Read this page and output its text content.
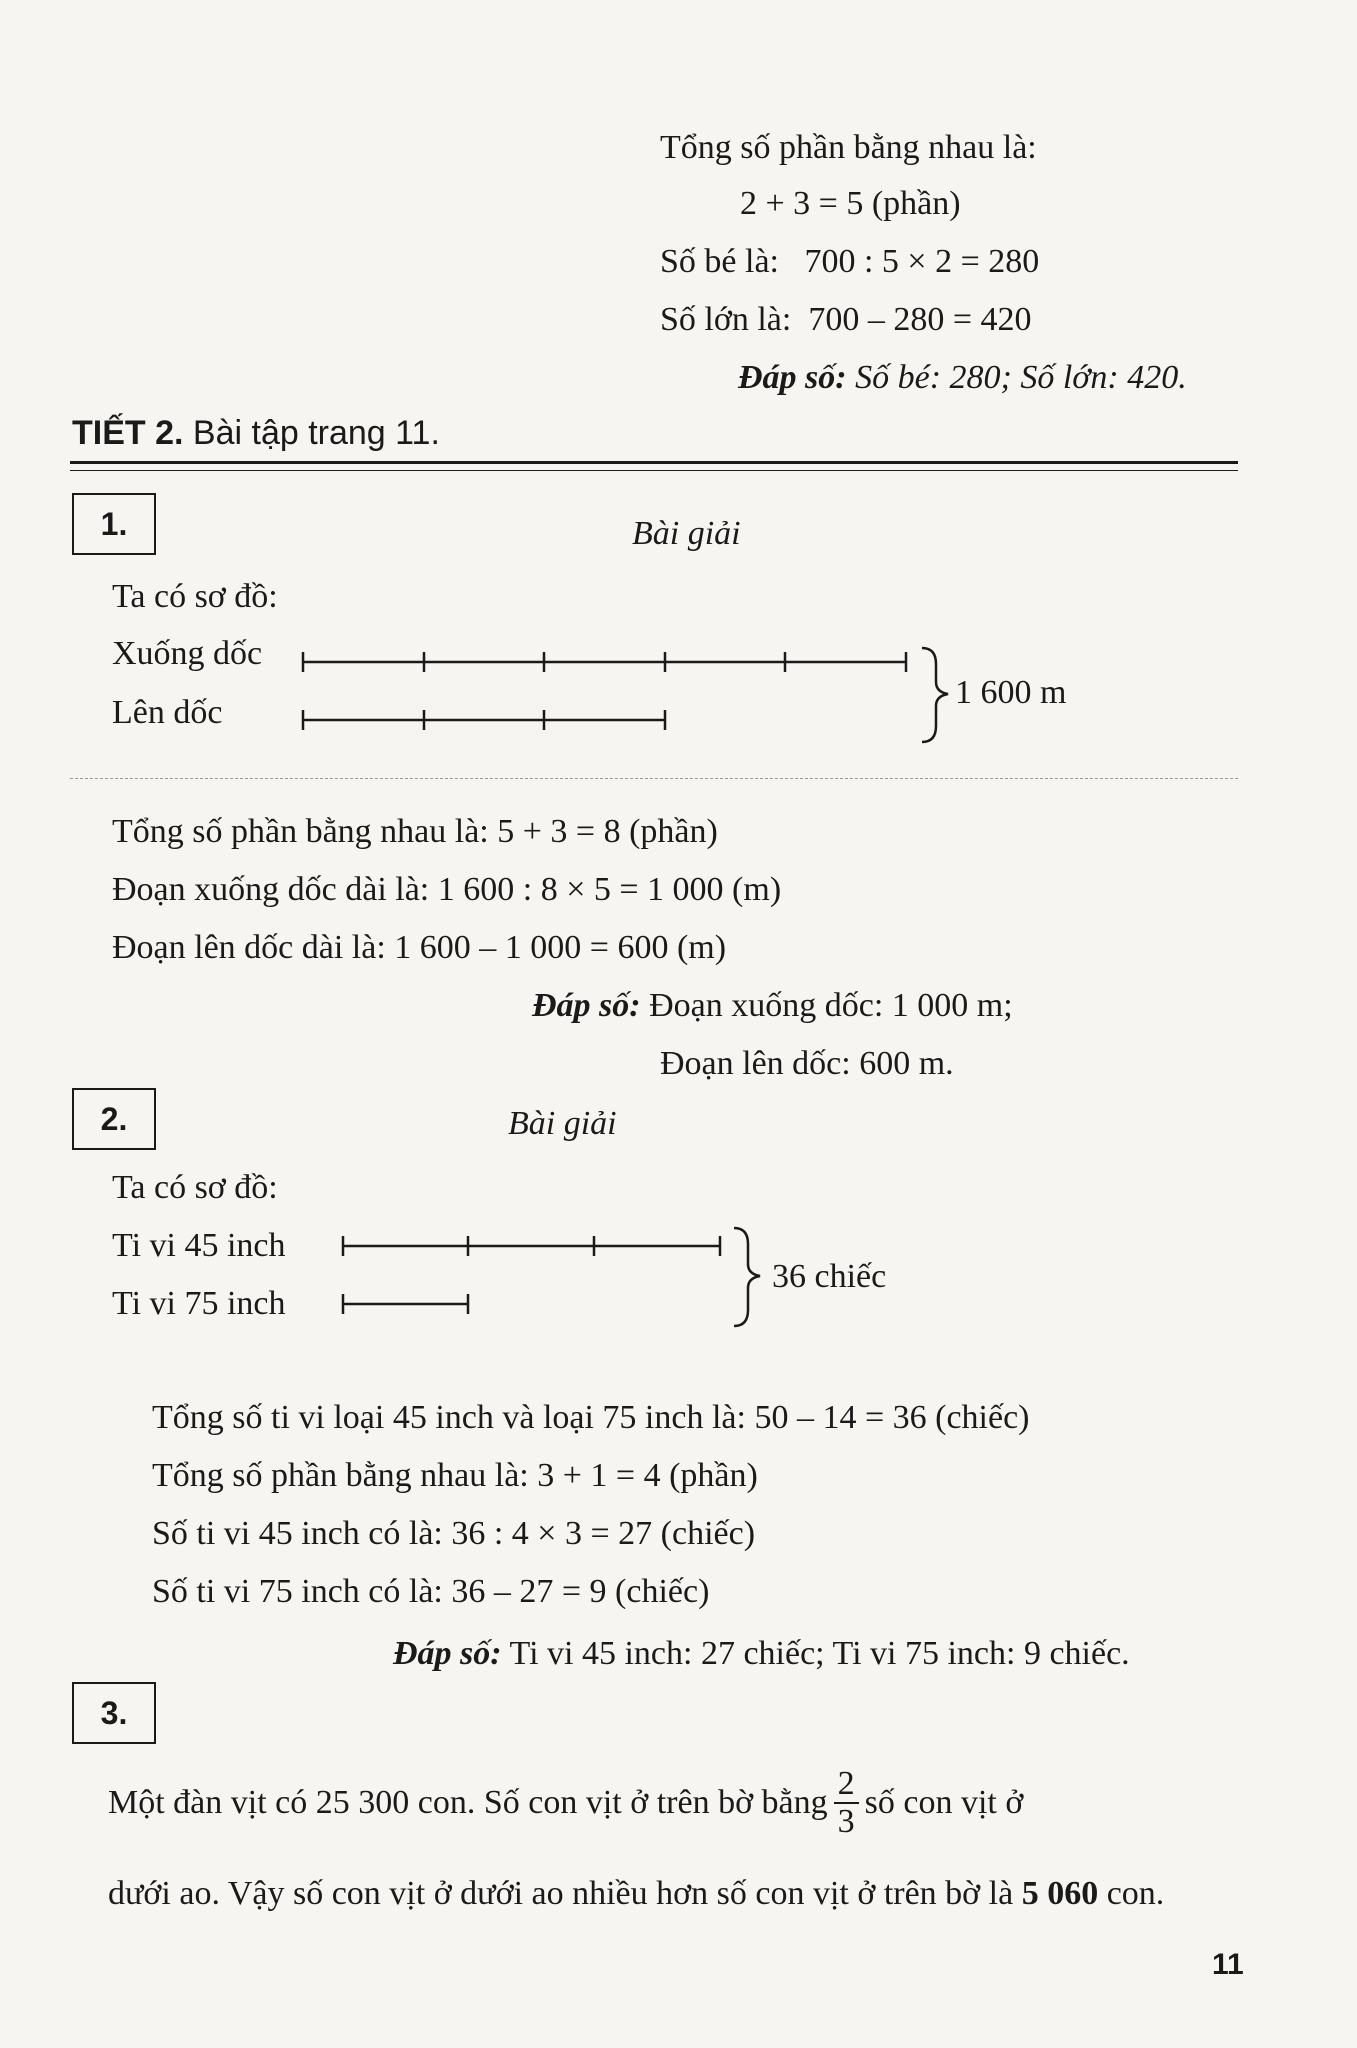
Tổng số phần bằng nhau là:
2 + 3 = 5 (phần)
Số bé là:   700 : 5 × 2 = 280
Số lớn là:  700 – 280 = 420
Đáp số: Số bé: 280; Số lớn: 420.
TIẾT 2. Bài tập trang 11.
1.	Bài giải
Ta có sơ đồ:
Xuống dốc
Lên dốc
1 600 m
Tổng số phần bằng nhau là: 5 + 3 = 8 (phần)
Đoạn xuống dốc dài là: 1 600 : 8 × 5 = 1 000 (m)
Đoạn lên dốc dài là: 1 600 – 1 000 = 600 (m)
Đáp số: Đoạn xuống dốc: 1 000 m;
Đoạn lên dốc: 600 m.
2.	Bài giải
Ta có sơ đồ:
Ti vi 45 inch
Ti vi 75 inch
36 chiếc
Tổng số ti vi loại 45 inch và loại 75 inch là: 50 – 14 = 36 (chiếc)
Tổng số phần bằng nhau là: 3 + 1 = 4 (phần)
Số ti vi 45 inch có là: 36 : 4 × 3 = 27 (chiếc)
Số ti vi 75 inch có là: 36 – 27 = 9 (chiếc)
Đáp số: Ti vi 45 inch: 27 chiếc; Ti vi 75 inch: 9 chiếc.
3.
Một đàn vịt có 25 300 con. Số con vịt ở trên bờ bằng $\frac{2}{3}$ số con vịt ở
dưới ao. Vậy số con vịt ở dưới ao nhiều hơn số con vịt ở trên bờ là 5 060 con.
11
